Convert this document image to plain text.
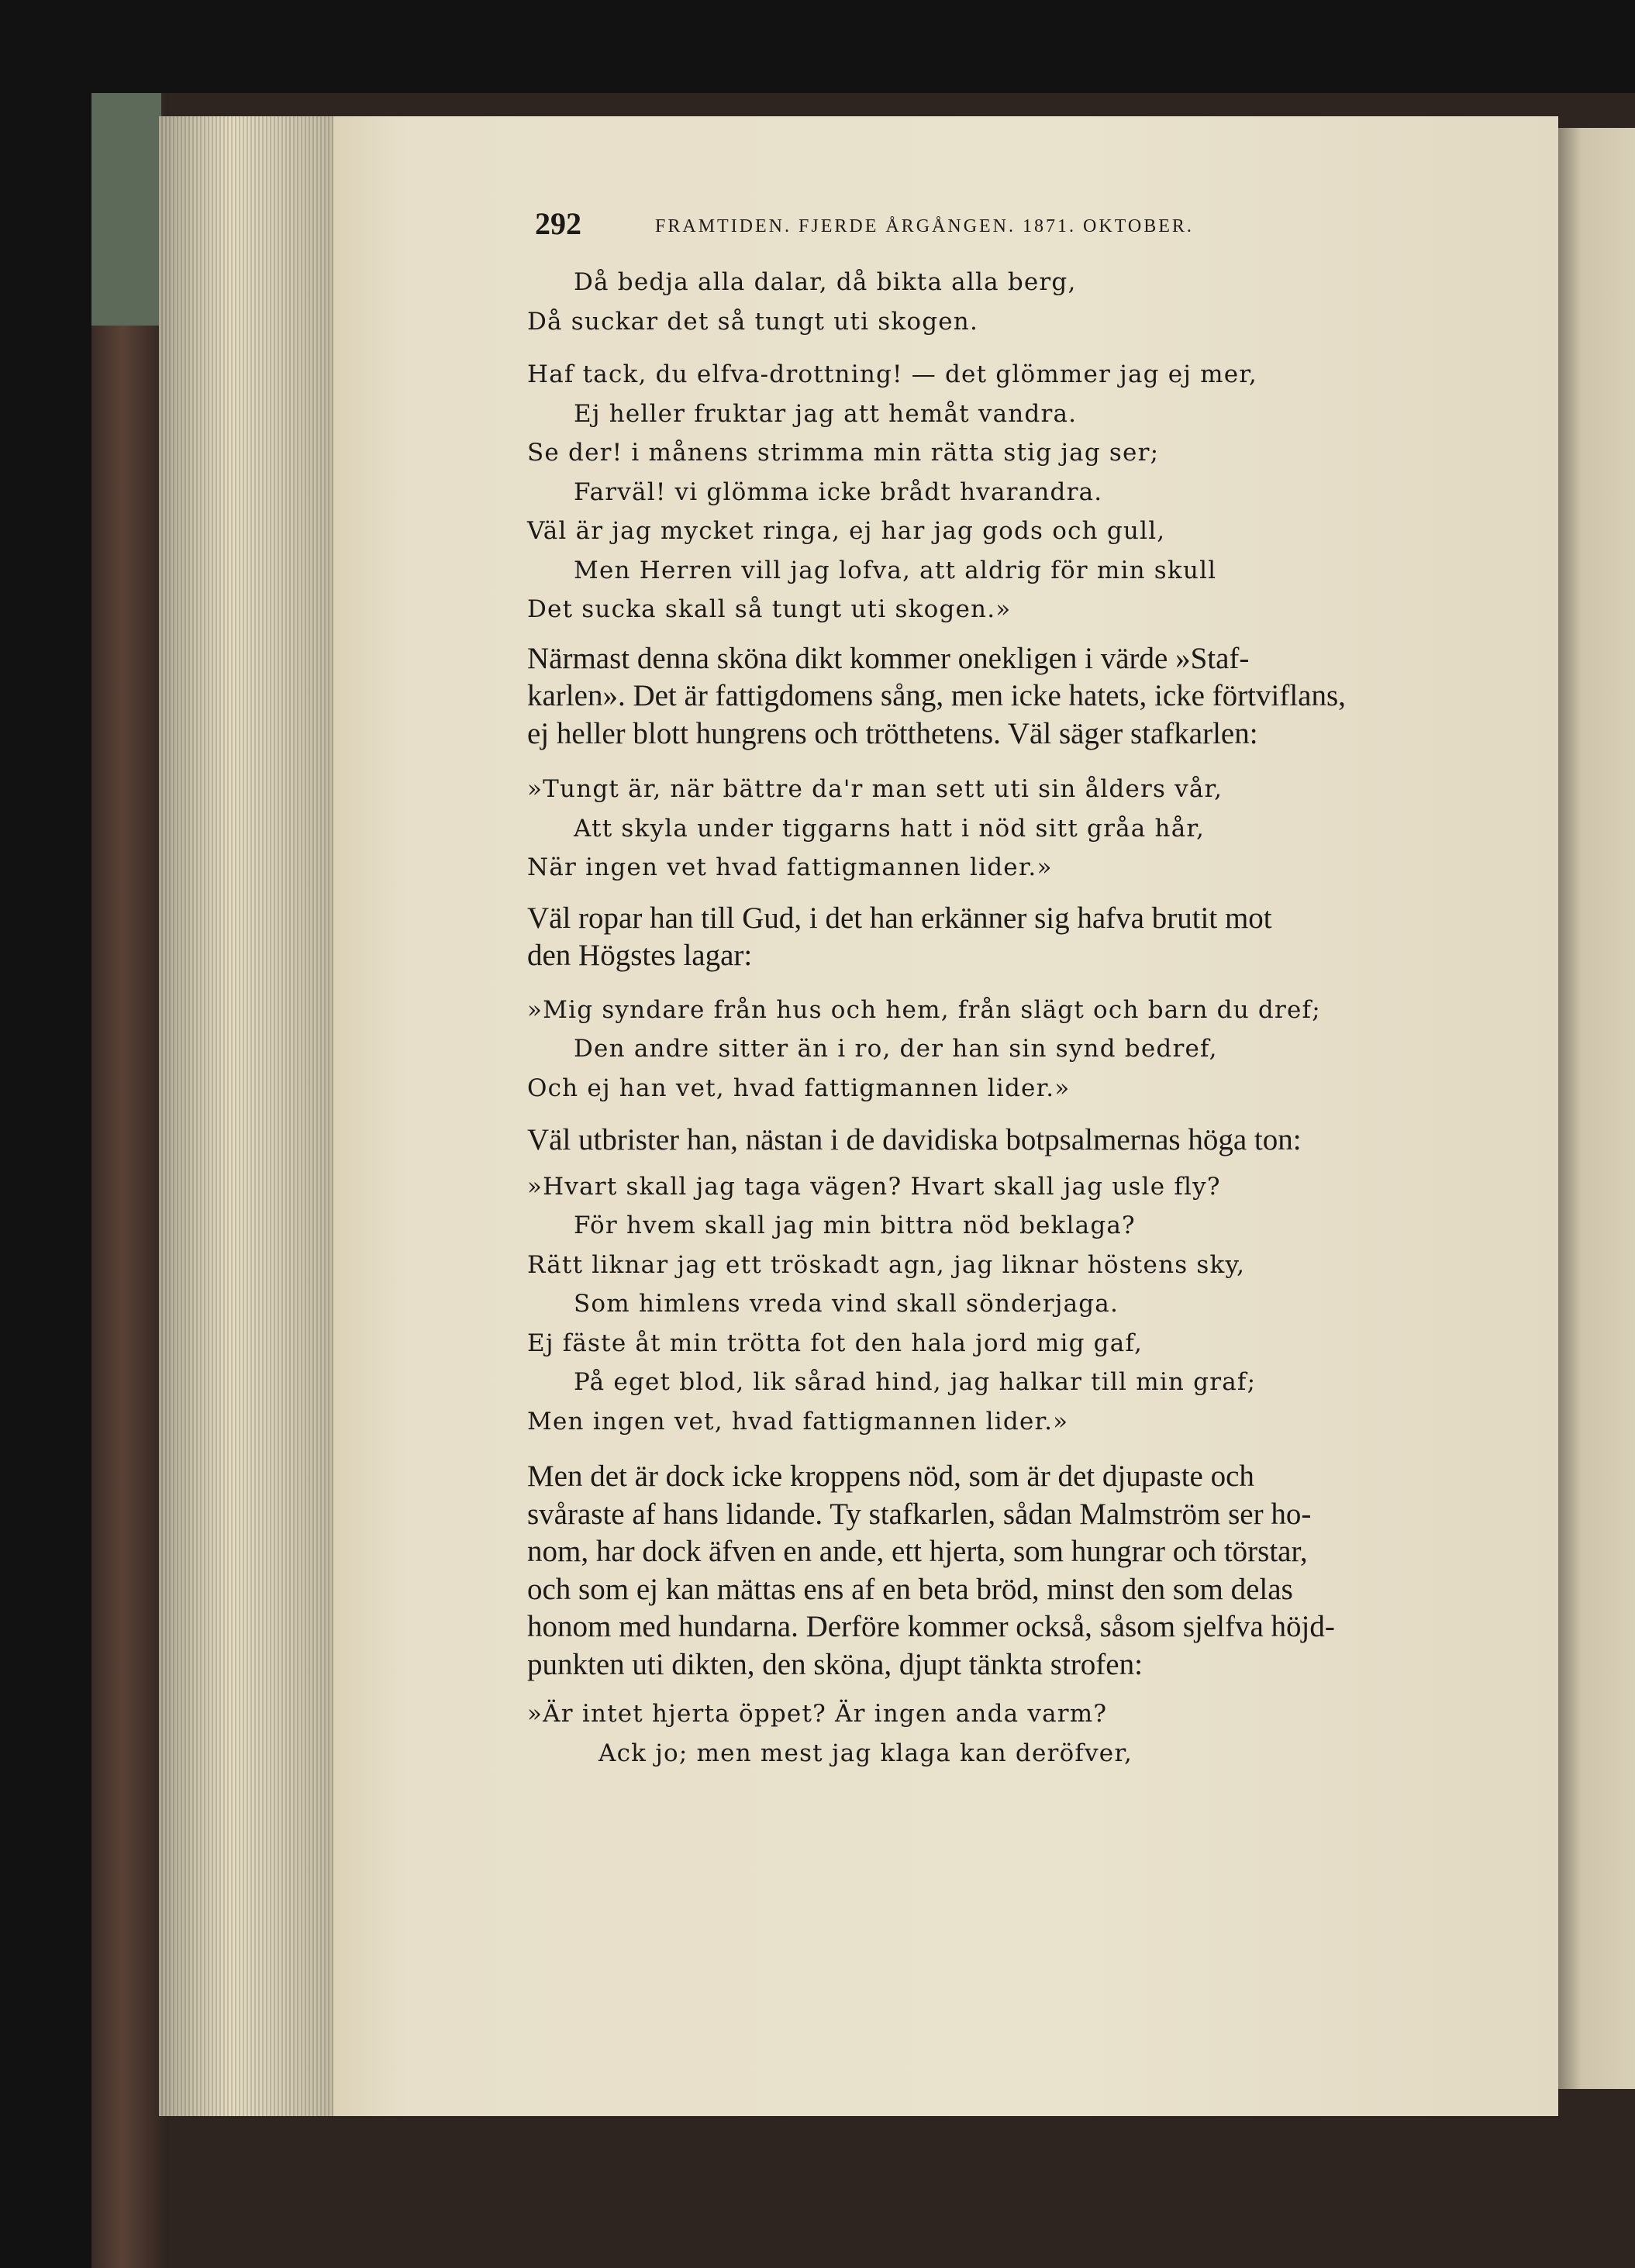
292	FRAMTIDEN. FJERDE ÅRGÅNGEN. 1871. OKTOBER.
Då bedja alla dalar, då bikta alla berg,
Då suckar det så tungt uti skogen.
Haf tack, du elfva-drottning! — det glömmer jag ej mer,
Ej heller fruktar jag att hemåt vandra.
Se der! i månens strimma min rätta stig jag ser;
Farväl! vi glömma icke brådt hvarandra.
Väl är jag mycket ringa, ej har jag gods och gull,
Men Herren vill jag lofva, att aldrig för min skull
Det sucka skall så tungt uti skogen.»
Närmast denna sköna dikt kommer onekligen i värde »Staf-
karlen». Det är fattigdomens sång, men icke hatets, icke förtviflans,
ej heller blott hungrens och trötthetens. Väl säger stafkarlen:
»Tungt är, när bättre da'r man sett uti sin ålders vår,
Att skyla under tiggarns hatt i nöd sitt gråa hår,
När ingen vet hvad fattigmannen lider.»
Väl ropar han till Gud, i det han erkänner sig hafva brutit mot
den Högstes lagar:
»Mig syndare från hus och hem, från slägt och barn du dref;
Den andre sitter än i ro, der han sin synd bedref,
Och ej han vet, hvad fattigmannen lider.»
Väl utbrister han, nästan i de davidiska botpsalmernas höga ton:
»Hvart skall jag taga vägen? Hvart skall jag usle fly?
För hvem skall jag min bittra nöd beklaga?
Rätt liknar jag ett tröskadt agn, jag liknar höstens sky,
Som himlens vreda vind skall sönderjaga.
Ej fäste åt min trötta fot den hala jord mig gaf,
På eget blod, lik sårad hind, jag halkar till min graf;
Men ingen vet, hvad fattigmannen lider.»
Men det är dock icke kroppens nöd, som är det djupaste och
svåraste af hans lidande. Ty stafkarlen, sådan Malmström ser ho-
nom, har dock äfven en ande, ett hjerta, som hungrar och törstar,
och som ej kan mättas ens af en beta bröd, minst den som delas
honom med hundarna. Derföre kommer också, såsom sjelfva höjd-
punkten uti dikten, den sköna, djupt tänkta strofen:
»Är intet hjerta öppet? Är ingen anda varm?
Ack jo; men mest jag klaga kan deröfver,
